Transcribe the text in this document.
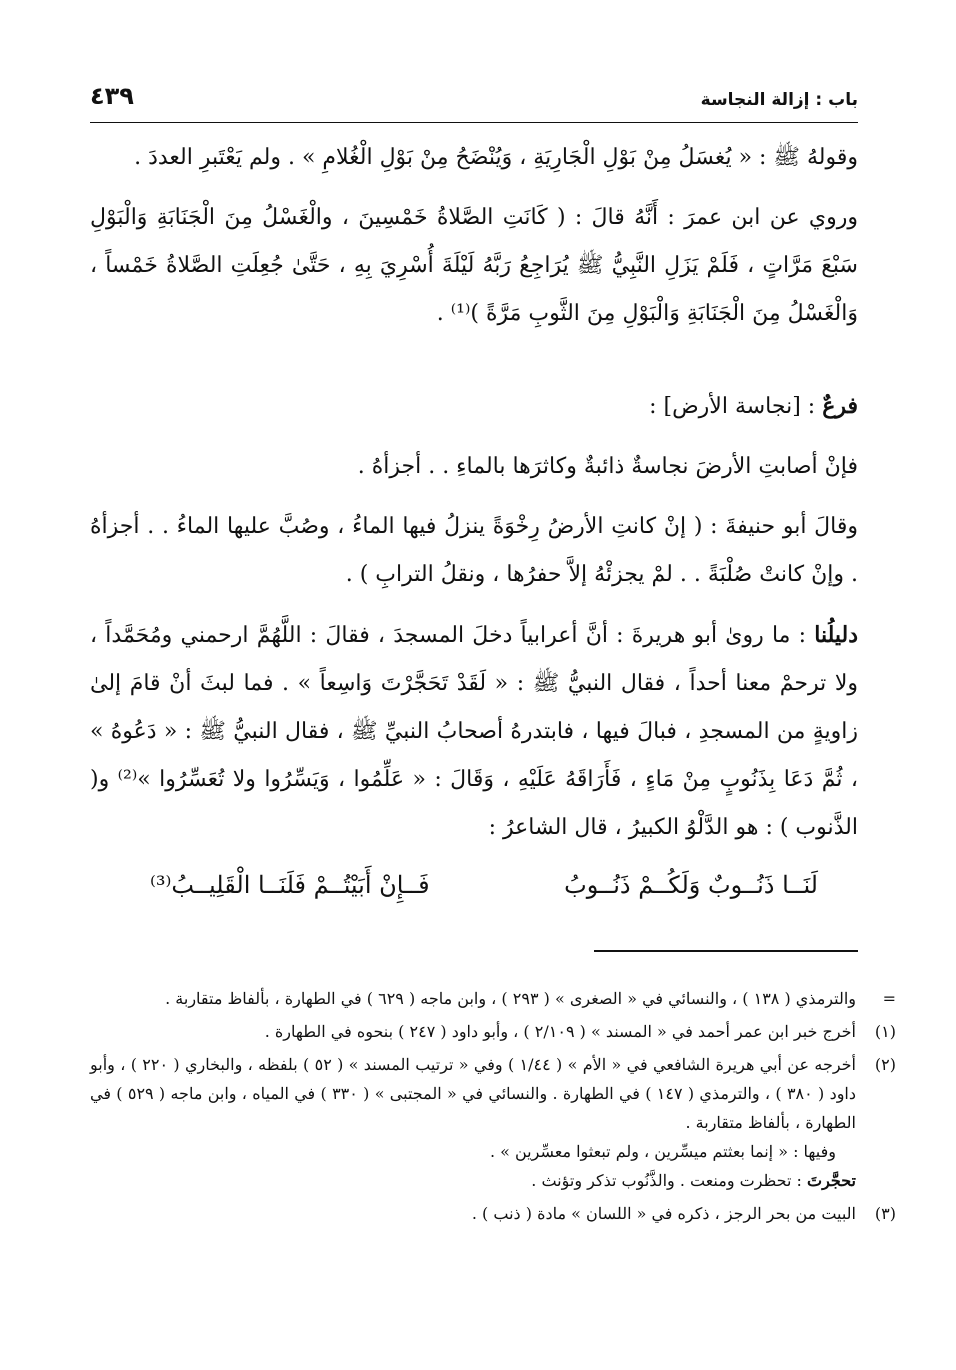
باب : إزالة النجاسة
٤٣٩

وقولهُ ﷺ : « يُغسَلُ مِنْ بَوْلِ الْجَارِيَةِ ، وَيُنْضَحُ مِنْ بَوْلِ الْغُلامِ » . ولم يَعْتَبرِ العددَ .

وروي عن ابن عمرَ : أَنَّهُ قالَ : ( كَانَتِ الصَّلاةُ خَمْسِينَ ، والْغَسْلُ مِنَ الْجَنَابَةِ وَالْبَوْلِ سَبْعَ مَرَّاتٍ ، فَلَمْ يَزَلِ النَّبِيُّ ﷺ يُرَاجِعُ رَبَّهُ لَيْلَةَ أُسْرِيَ بِهِ ، حَتَّىٰ جُعِلَتِ الصَّلاةُ خَمْساً ، وَالْغَسْلُ مِنَ الْجَنَابَةِ وَالْبَوْلِ مِنَ الثَّوبِ مَرَّةً )⁽¹⁾ .

فرعٌ : [نجاسة الأرض] :

فإنْ أصابتِ الأرضَ نجاسةٌ ذائبةٌ وكاثرَها بالماءِ . . أجزأهُ .

وقالَ أبو حنيفةَ : ( إنْ كانتِ الأرضُ رِخْوَةً ينزلُ فيها الماءُ ، وصُبَّ عليها الماءُ . . أجزأهُ . وإنْ كانتْ صُلْبَةً . . لمْ يجزئْهُ إلاَّ حفرُها ، ونقلُ الترابِ ) .

دليلُنا : ما روىٰ أبو هريرةَ : أنَّ أعرابياً دخلَ المسجدَ ، فقالَ : اللَّهُمَّ ارحمني ومُحَمَّداً ، ولا ترحمْ معنا أحداً ، فقال النبيُّ ﷺ : « لَقَدْ تَحَجَّرْتَ وَاسِعاً » . فما لبثَ أنْ قامَ إلىٰ زاويةٍ من المسجدِ ، فبالَ فيها ، فابتدرهُ أصحابُ النبيِّ ﷺ ، فقال النبيُّ ﷺ : « دَعُوهُ » ، ثُمَّ دَعَا بِذَنُوبٍ مِنْ مَاءٍ ، فَأَرَاقَهُ عَلَيْهِ ، وَقَالَ : « عَلِّمُوا ، وَيَسِّرُوا ولا تُعَسِّرُوا »⁽²⁾ و( الذَّنوب ) : هو الدَّلْوُ الكبيرُ ، قال الشاعرُ :

لَنَــا ذَنُــوبٌ وَلَكُــمْ ذَنُــوبُ
فَــإِنْ أَبَيْتُــمْ فَلَنَــا الْقَلِيــبُ⁽³⁾
=

والترمذي ( ١٣٨ ) ، والنسائي في « الصغرى » ( ٢٩٣ ) ، وابن ماجه ( ٦٢٩ ) في الطهارة ، بألفاظ متقاربة .

(١)

أخرج خبر ابن عمر أحمد في « المسند » ( ٢/١٠٩ ) ، وأبو داود ( ٢٤٧ ) بنحوه في الطهارة .

(٢)

أخرجه عن أبي هريرة الشافعي في « الأم » ( ١/٤٤ ) وفي « ترتيب المسند » ( ٥٢ ) بلفظه ، والبخاري ( ٢٢٠ ) ، وأبو داود ( ٣٨٠ ) ، والترمذي ( ١٤٧ ) في الطهارة . والنسائي في « المجتبى » ( ٣٣٠ ) في المياه ، وابن ماجه ( ٥٢٩ ) في الطهارة ، بألفاظ متقاربة .

وفيها : « إنما بعثتم ميسِّرين ، ولم تبعثوا معسِّرين » .

تحجَّرتَ : تحظرت ومنعت . والذَّنُوب تذكر وتؤنث .

(٣)

البيت من بحر الرجز ، ذكره في « اللسان » مادة ( ذنب ) .
